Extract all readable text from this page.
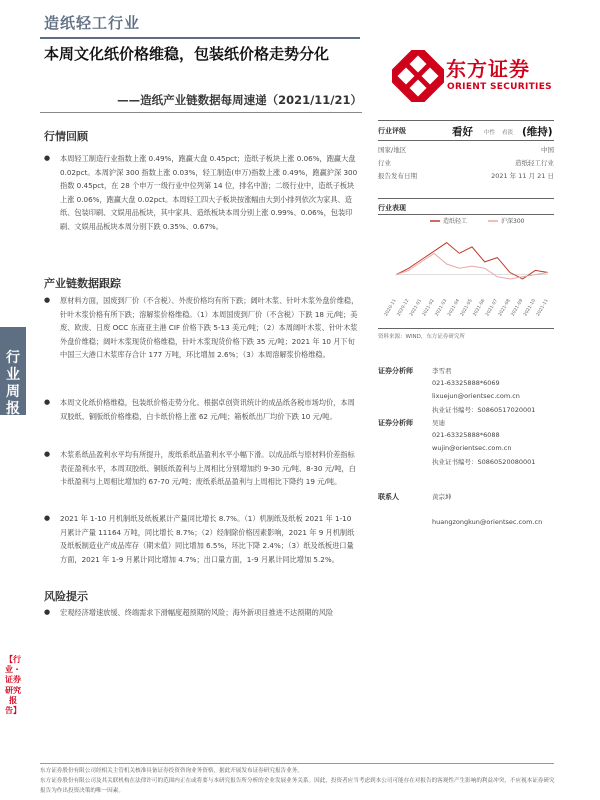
造纸轻工行业
本周文化纸价格维稳，包装纸价格走势分化
——造纸产业链数据每周速递（2021/11/21）
东方证券
ORIENT SECURITIES
行情回顾
● 本周轻工制造行业指数上涨 0.49%，跑赢大盘 0.45pct；造纸子板块上涨 0.06%，跑赢大盘 0.02pct。本周沪深 300 指数上涨 0.03%，轻工制造(申万)指数上涨 0.49%，跑赢沪深 300 指数 0.45pct，在 28 个申万一级行业中位列第 14 位，排名中游；二级行业中，造纸子板块上涨 0.06%，跑赢大盘 0.02pct。本周轻工四大子板块按涨幅由大到小排列依次为家具、造纸、包装印刷、文娱用品板块，其中家具、造纸板块本周分别上涨 0.99%、0.06%，包装印刷、文娱用品板块本周分别下跌 0.35%、0.67%。
产业链数据跟踪
● 原材料方面，国废到厂价（不含税）、外废价格均有所下跌；阔叶木浆、针叶木浆外盘价维稳，针叶木浆价格有所下跌；溶解浆价格维稳。（1）本周国废到厂价（不含税）下跌 18 元/吨；美废、欧废、日废 OCC 东南亚主港 CIF 价格下跌 5-13 美元/吨；（2）本周阔叶木浆、针叶木浆外盘价维稳；阔叶木浆现货价格维稳，针叶木浆现货价格下跌 35 元/吨；2021 年 10 月下旬中国三大港口木浆库存合计 177 万吨，环比增加 2.6%；（3）本周溶解浆价格维稳。
● 本周文化纸价格维稳，包装纸价格走势分化。根据卓创资讯统计的成品纸各税市场均价，本周双胶纸、铜版纸价格维稳，白卡纸价格上涨 62 元/吨；箱板纸出厂均价下跌 10 元/吨。
● 木浆系纸品盈利水平均有所提升，废纸系纸品盈利水平小幅下滑。以成品纸与原材料价差指标表征盈利水平，本周双胶纸、铜版纸盈利与上周相比分别增加约 9-30 元/吨、8-30 元/吨，白卡纸盈利与上周相比增加约 67-70 元/吨；废纸系纸品盈利与上周相比下降约 19 元/吨。
● 2021 年 1-10 月机制纸及纸板累计产量同比增长 8.7%。（1）机制纸及纸板 2021 年 1-10 月累计产量 11164 万吨，同比增长 8.7%；（2）经制除价格因素影响，2021 年 9 月机制纸及纸板制造业产成品库存（期末值）同比增加 6.5%，环比下降 2.4%；（3）纸及纸板进口量方面，2021 年 1-9 月累计同比增加 4.7%；出口量方面，1-9 月累计同比增加 5.2%。
风险提示
● 宏观经济增速放缓、终端需求下滑幅度超预期的风险；海外新项目推进不达预期的风险
行业周报
【行业・证券研究报告】
行业评级	看好 中性 看淡 (维持)
国家/地区	中国
行业	造纸轻工行业
报告发布日期	2021 年 11 月 21 日
行业表现
造纸轻工	沪深300
2020-11
2020-12
2021-01
2021-02
2021-03
2021-04
2021-05
2021-06
2021-07
2021-08
2021-09
2021-10
2021-11
资料来源：WIND，东方证券研究所
证券分析师	李雪君
021-63325888*6069
lixuejun@orientsec.com.cn
执业证书编号：S0860517020001
证券分析师	吴迪
021-63325888*6088
wujin@orientsec.com.cn
执业证书编号：S0860520080001
联系人	黄宗坤
huangzongkun@orientsec.com.cn
东方证券股份有限公司经相关主管机关核准具备证券投资咨询业务资格，据此开展发布证券研究报告业务。
东方证券股份有限公司及其关联机构在法律许可的范围内正在或将要与本研究报告所分析的企业发展业务关系。因此，投资者应当考虑到本公司可能存在对报告的客观性产生影响的利益冲突，不应视本证券研究报告为作出投资决策的唯一因素。
